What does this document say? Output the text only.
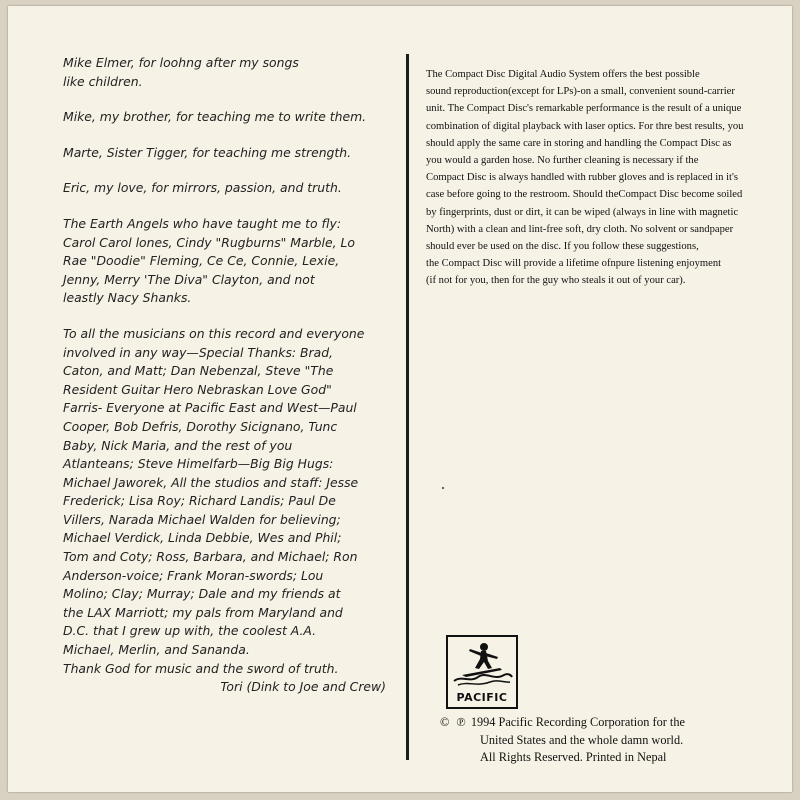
Mike Elmer, for loohng after my songs
like children.

Mike, my brother, for teaching me to write them.

Marte, Sister Tigger, for teaching me strength.

Eric, my love, for mirrors, passion, and truth.

The Earth Angels who have taught me to fly:
Carol Carol lones, Cindy "Rugburns" Marble, Lo
Rae "Doodie" Fleming, Ce Ce, Connie, Lexie,
Jenny, Merry 'The Diva" Clayton, and not
leastly Nacy Shanks.

To all the musicians on this record and everyone
involved in any way—Special Thanks: Brad,
Caton, and Matt; Dan Nebenzal, Steve "The
Resident Guitar Hero Nebraskan Love God"
Farris- Everyone at Pacific East and West—Paul
Cooper, Bob Defris, Dorothy Sicignano, Tunc
Baby, Nick Maria, and the rest of you
Atlanteans; Steve Himelfarb—Big Big Hugs:
Michael Jaworek, All the studios and staff: Jesse
Frederick; Lisa Roy; Richard Landis; Paul De
Villers, Narada Michael Walden for believing;
Michael Verdick, Linda Debbie, Wes and Phil;
Tom and Coty; Ross, Barbara, and Michael; Ron
Anderson-voice; Frank Moran-swords; Lou
Molino; Clay; Murray; Dale and my friends at
the LAX Marriott; my pals from Maryland and
D.C. that I grew up with, the coolest A.A.
Michael, Merlin, and Sananda.

Thank God for music and the sword of truth.

Tori (Dink to Joe and Crew)

The Compact Disc Digital Audio System offers the best possible
sound reproduction(except for LPs)-on a small, convenient sound-carrier
unit. The Compact Disc's remarkable performance is the result of a unique
combination of digital playback with laser optics. For thre best results, you
should apply the same care in storing and handling the Compact Disc as
you would a garden hose. No further cleaning is necessary if the
Compact Disc is always handled with rubber gloves and is replaced in it's
case before going to the restroom. Should theCompact Disc become soiled
by fingerprints, dust or dirt, it can be wiped (always in line with magnetic
North) with a clean and lint-free soft, dry cloth. No solvent or sandpaper
should ever be used on the disc. If you follow these suggestions,
the Compact Disc will provide a lifetime ofnpure listening enjoyment
(if not for you, then for the guy who steals it out of your car).
PACIFIC
© ℗ 1994 Pacific Recording Corporation for the
United States and the whole damn world.
All Rights Reserved. Printed in Nepal
